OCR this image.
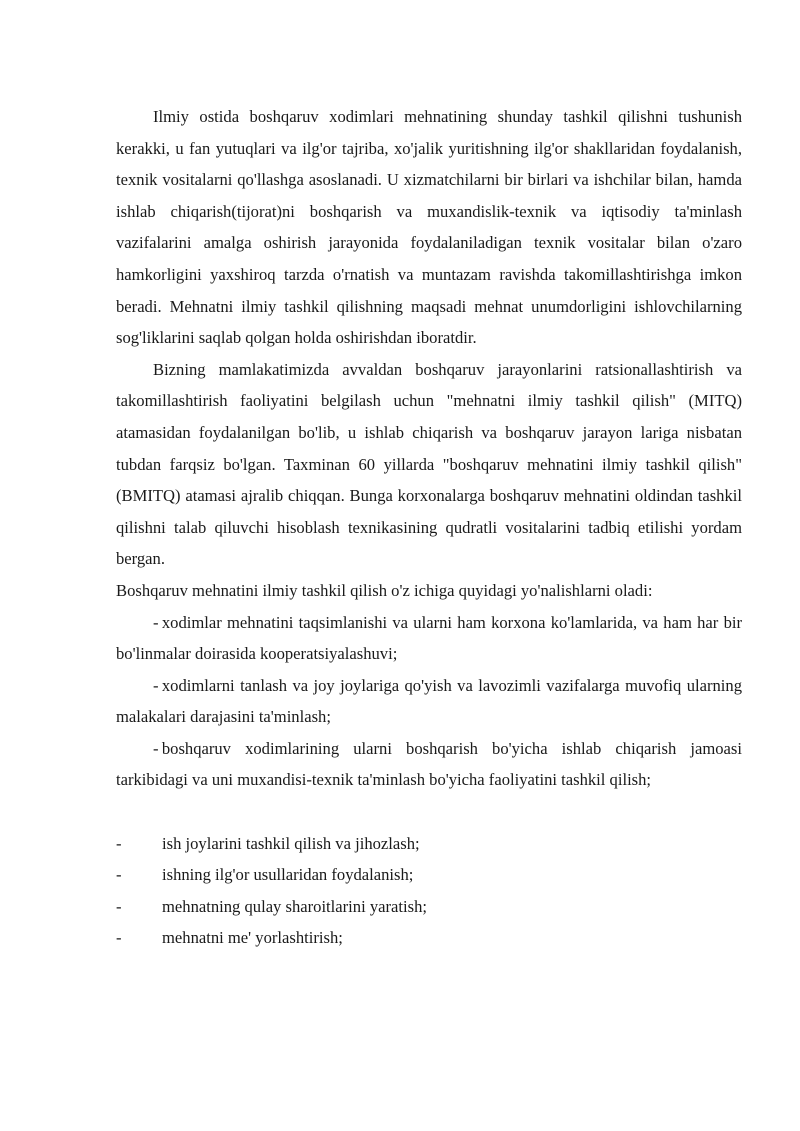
Ilmiy ostida boshqaruv xodimlari mehnatining shunday tashkil qilishni tushunish kerakki, u fan yutuqlari va ilg'or tajriba, xo'jalik yuritishning ilg'or shakllaridan foydalanish, texnik vositalarni qo'llashga asoslanadi. U xizmatchilarni bir birlari va ishchilar bilan, hamda ishlab chiqarish(tijorat)ni boshqarish va muxandislik-texnik va iqtisodiy ta'minlash vazifalarini amalga oshirish jarayonida foydalaniladigan texnik vositalar bilan o'zaro hamkorligini yaxshiroq tarzda o'rnatish va muntazam ravishda takomillashtirishga imkon beradi. Mehnatni ilmiy tashkil qilishning maqsadi mehnat unumdorligini ishlovchilarning sog'liklarini saqlab qolgan holda oshirishdan iboratdir.

Bizning mamlakatimizda avvaldan boshqaruv jarayonlarini ratsionallashtirish va takomillashtirish faoliyatini belgilash uchun "mehnatni ilmiy tashkil qilish" (MITQ) atamasidan foydalanilgan bo'lib, u ishlab chiqarish va boshqaruv jarayon lariga nisbatan tubdan farqsiz bo'lgan. Taxminan 60 yillarda "boshqaruv mehnatini ilmiy tashkil qilish" (BMITQ) atamasi ajralib chiqqan. Bunga korxonalarga boshqaruv mehnatini oldindan tashkil qilishni talab qiluvchi hisoblash texnikasining qudratli vositalarini tadbiq etilishi yordam bergan.

Boshqaruv mehnatini ilmiy tashkil qilish o'z ichiga quyidagi yo'nalishlarni oladi:

- xodimlar mehnatini taqsimlanishi va ularni ham korxona ko'lamlarida, va ham har bir bo'linmalar doirasida kooperatsiyalashuvi;

- xodimlarni tanlash va joy joylariga qo'yish va lavozimli vazifalarga muvofiq ularning malakalari darajasini ta'minlash;

- boshqaruv xodimlarining ularni boshqarish bo'yicha ishlab chiqarish jamoasi tarkibidagi va uni muxandisi-texnik ta'minlash bo'yicha faoliyatini tashkil qilish;

-	ish joylarini tashkil qilish va jihozlash;
-	ishning ilg'or usullaridan foydalanish;
-	mehnatning qulay sharoitlarini yaratish;
-	mehnatni me' yorlashtirish;
